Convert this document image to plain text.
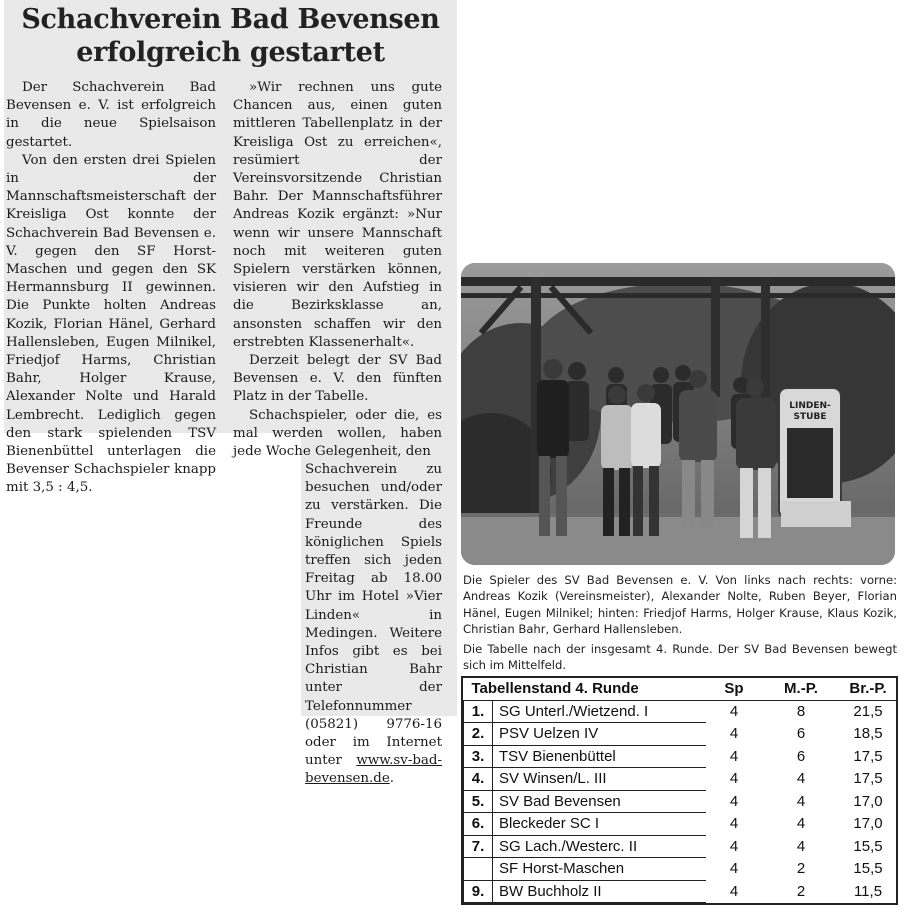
Schachverein Bad Bevensen erfolgreich gestartet

Der Schachverein Bad Bevensen e. V. ist erfolgreich in die neue Spielsaison gestartet.

Von den ersten drei Spielen in der Mannschaftsmeisterschaft der Kreisliga Ost konnte der Schachverein Bad Bevensen e. V. gegen den SF Horst-Maschen und gegen den SK Hermannsburg II gewinnen. Die Punkte holten Andreas Kozik, Florian Hänel, Gerhard Hallensleben, Eugen Milnikel, Friedjof Harms, Christian Bahr, Holger Krause, Alexander Nolte und Harald Lembrecht. Lediglich gegen den stark spielenden TSV Bienenbüttel unterlagen die Bevenser Schachspieler knapp mit 3,5 : 4,5.

»Wir rechnen uns gute Chancen aus, einen guten mittleren Tabellenplatz in der Kreisliga Ost zu erreichen«, resümiert der Vereinsvorsitzende Christian Bahr. Der Mannschaftsführer Andreas Kozik ergänzt: »Nur wenn wir unsere Mannschaft noch mit weiteren guten Spielern verstärken können, visieren wir den Aufstieg in die Bezirksklasse an, ansonsten schaffen wir den erstrebten Klassenerhalt«.

Derzeit belegt der SV Bad Bevensen e. V. den fünften Platz in der Tabelle.

Schachspieler, oder die, es mal werden wollen, haben jede Woche Gelegenheit, den

Schachverein zu besuchen und/oder zu verstärken. Die Freunde des königlichen Spiels treffen sich jeden Freitag ab 18.00 Uhr im Hotel »Vier Linden« in Medingen. Weitere Infos gibt es bei Christian Bahr unter der Telefonnummer (05821) 9776-16 oder im Internet unter www.sv-bad-bevensen.de.
LINDEN-
STUBE
Die Spieler des SV Bad Bevensen e. V. Von links nach rechts: vorne: Andreas Kozik (Vereinsmeister), Alexander Nolte, Ruben Beyer, Florian Hänel, Eugen Milnikel; hinten: Friedjof Harms, Holger Krause, Klaus Kozik, Christian Bahr, Gerhard Hallensleben.
Die Tabelle nach der insgesamt 4. Runde. Der SV Bad Bevensen bewegt sich im Mittelfeld.
Tabellenstand 4. Runde		Sp	M.-P.	Br.-P.
1.	SG Unterl./Wietzend. I	4	8	21,5
2.	PSV Uelzen IV	4	6	18,5
3.	TSV Bienenbüttel	4	6	17,5
4.	SV Winsen/L. III	4	4	17,5
5.	SV Bad Bevensen	4	4	17,0
6.	Bleckeder SC I	4	4	17,0
7.	SG Lach./Westerc. II	4	4	15,5
	SF Horst-Maschen	4	2	15,5
9.	BW Buchholz II	4	2	11,5
